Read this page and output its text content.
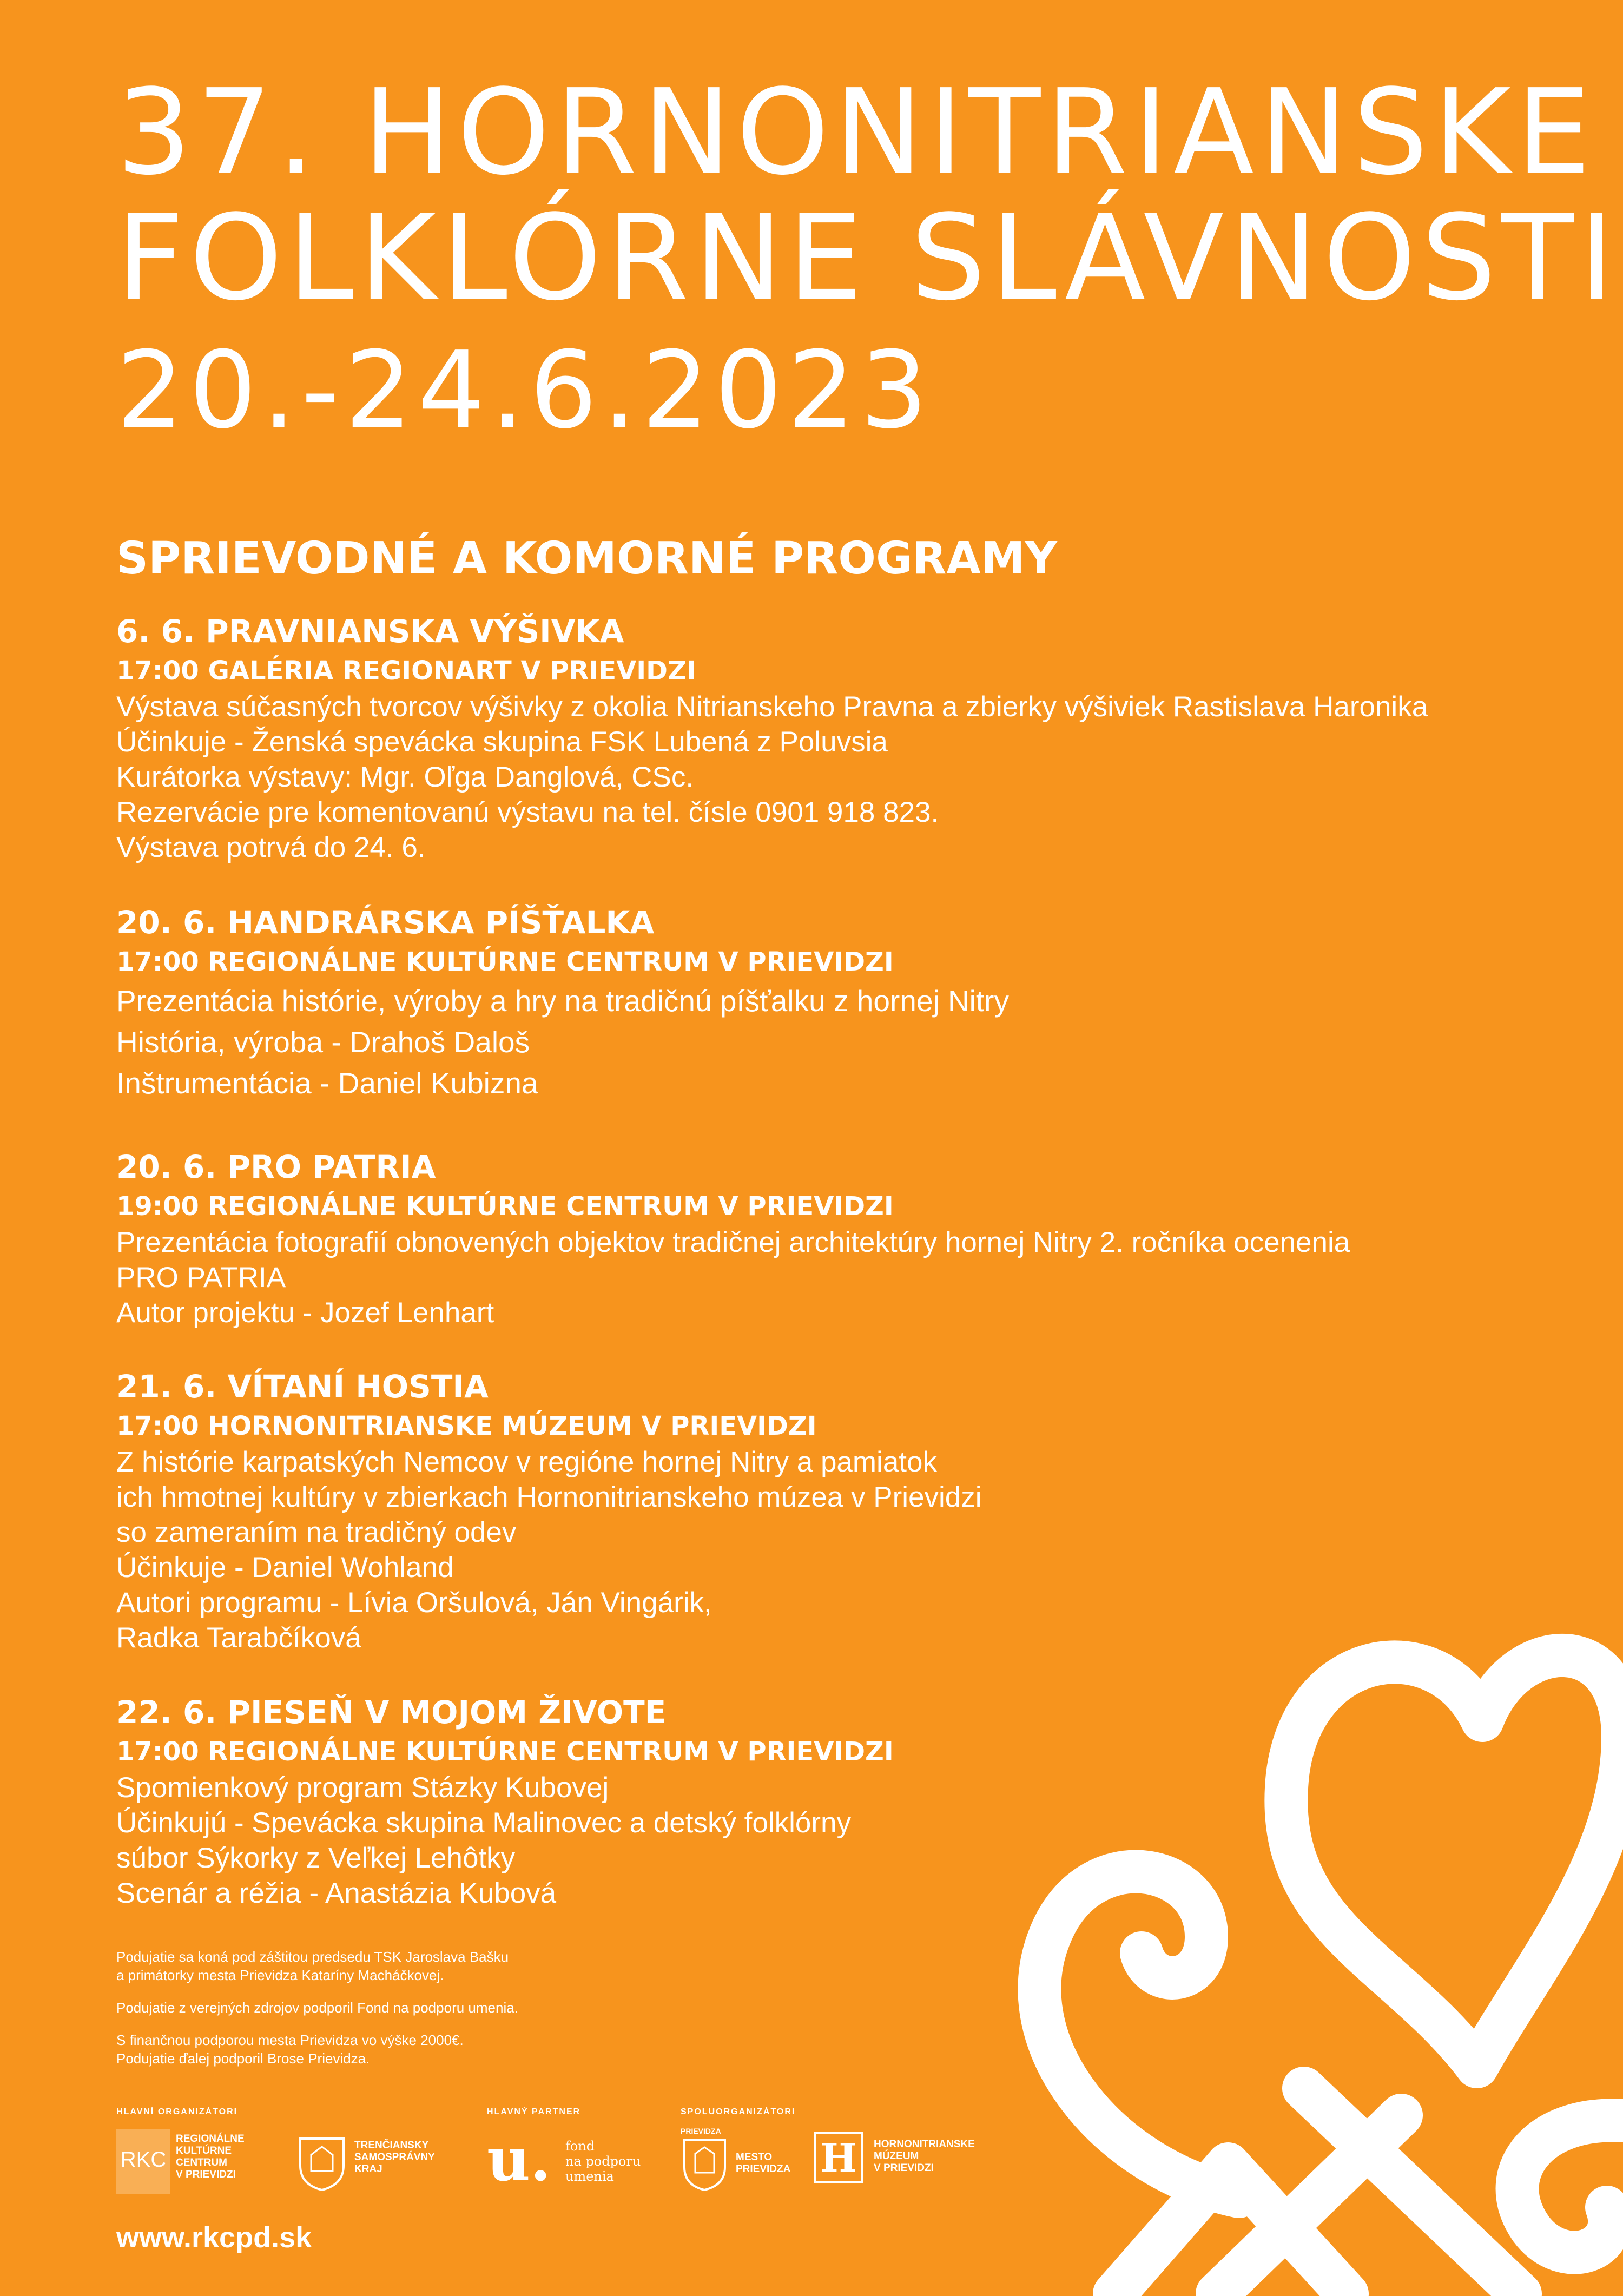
37. HORNONITRIANSKE
FOLKLÓRNE SLÁVNOSTI
20.-24.6.2023
SPRIEVODNÉ A KOMORNÉ PROGRAMY
6. 6. PRAVNIANSKA VÝŠIVKA
17:00 GALÉRIA REGIONART V PRIEVIDZI
Výstava súčasných tvorcov výšivky z okolia Nitrianskeho Pravna a zbierky výšiviek Rastislava Haronika
Účinkuje - Ženská spevácka skupina FSK Lubená z Poluvsia
Kurátorka výstavy: Mgr. Oľga Danglová, CSc.
Rezervácie pre komentovanú výstavu na tel. čísle 0901 918 823.
Výstava potrvá do 24. 6.
20. 6. HANDRÁRSKA PÍŠŤALKA
17:00 REGIONÁLNE KULTÚRNE CENTRUM V PRIEVIDZI
Prezentácia histórie, výroby a hry na tradičnú píšťalku z hornej Nitry
História, výroba - Drahoš Daloš
Inštrumentácia - Daniel Kubizna
20. 6. PRO PATRIA
19:00 REGIONÁLNE KULTÚRNE CENTRUM V PRIEVIDZI
Prezentácia fotografií obnovených objektov tradičnej architektúry hornej Nitry 2. ročníka ocenenia
PRO PATRIA
Autor projektu - Jozef Lenhart
21. 6. VÍTANÍ HOSTIA
17:00 HORNONITRIANSKE MÚZEUM V PRIEVIDZI
Z histórie karpatských Nemcov v regióne hornej Nitry a pamiatok
ich hmotnej kultúry v zbierkach Hornonitrianskeho múzea v Prievidzi
so zameraním na tradičný odev
Účinkuje - Daniel Wohland
Autori programu - Lívia Oršulová, Ján Vingárik,
Radka Tarabčíková
22. 6. PIESEŇ V MOJOM ŽIVOTE
17:00 REGIONÁLNE KULTÚRNE CENTRUM V PRIEVIDZI
Spomienkový program Stázky Kubovej
Účinkujú - Spevácka skupina Malinovec a detský folklórny
súbor Sýkorky z Veľkej Lehôtky
Scenár a réžia - Anastázia Kubová

Podujatie sa koná pod záštitou predsedu TSK Jaroslava Bašku
a primátorky mesta Prievidza Kataríny Macháčkovej.

Podujatie z verejných zdrojov podporil Fond na podporu umenia.

S finančnou podporou mesta Prievidza vo výške 2000€.
Podujatie ďalej podporil Brose Prievidza.

HLAVNÍ ORGANIZÁTORI	HLAVNÝ PARTNER	SPOLUORGANIZÁTORI
RKC
REGIONÁLNE
KULTÚRNE
CENTRUM
V PRIEVIDZI
TRENČIANSKY
SAMOSPRÁVNY
KRAJ	u. fond
na podporu
umenia
PRIEVIDZA
MESTO
PRIEVIDZA H	HORNONITRIANSKE
MÚZEUM
V PRIEVIDZI
www.rkcpd.sk
